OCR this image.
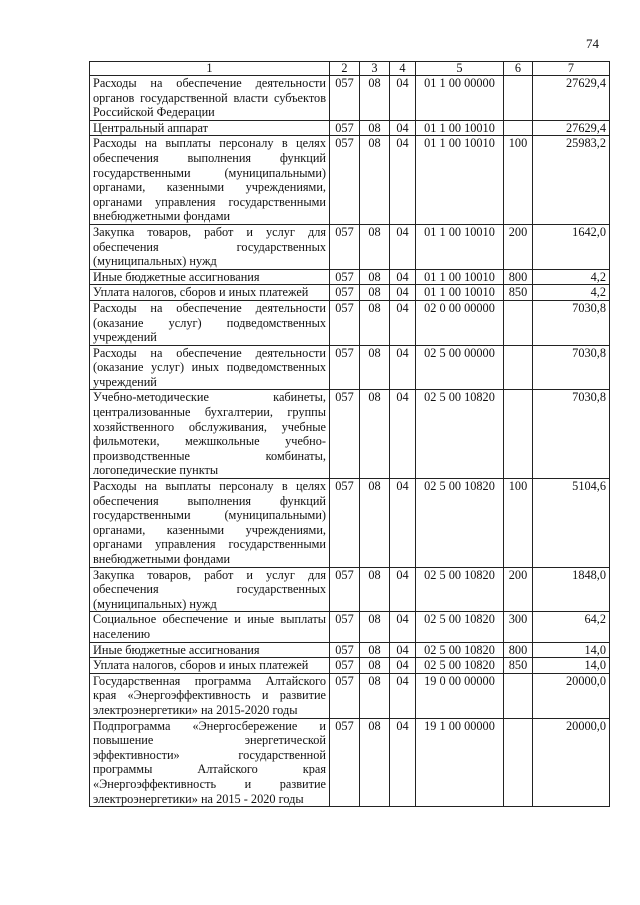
74
1	2	3	4	5	6	7
Расходы на обеспечение деятельности органов государственной власти субъектов Российской Федерации	057	08	04	01 1 00 00000		27629,4
Центральный аппарат	057	08	04	01 1 00 10010		27629,4
Расходы на выплаты персоналу в целях обеспечения выполнения функций государственными (муниципальными) органами, казенными учреждениями, органами управления государственными внебюджетными фондами	057	08	04	01 1 00 10010	100	25983,2
Закупка товаров, работ и услуг для обеспечения государственных (муниципальных) нужд	057	08	04	01 1 00 10010	200	1642,0
Иные бюджетные ассигнования	057	08	04	01 1 00 10010	800	4,2
Уплата налогов, сборов и иных платежей	057	08	04	01 1 00 10010	850	4,2
Расходы на обеспечение деятельности (оказание услуг) подведомственных учреждений	057	08	04	02 0 00 00000		7030,8
Расходы на обеспечение деятельности (оказание услуг) иных подведомственных учреждений	057	08	04	02 5 00 00000		7030,8
Учебно-методические кабинеты, централизованные бухгалтерии, группы хозяйственного обслуживания, учебные фильмотеки, межшкольные учебно-производственные комбинаты, логопедические пункты	057	08	04	02 5 00 10820		7030,8
Расходы на выплаты персоналу в целях обеспечения выполнения функций государственными (муниципальными) органами, казенными учреждениями, органами управления государственными внебюджетными фондами	057	08	04	02 5 00 10820	100	5104,6
Закупка товаров, работ и услуг для обеспечения государственных (муниципальных) нужд	057	08	04	02 5 00 10820	200	1848,0
Социальное обеспечение и иные выплаты населению	057	08	04	02 5 00 10820	300	64,2
Иные бюджетные ассигнования	057	08	04	02 5 00 10820	800	14,0
Уплата налогов, сборов и иных платежей	057	08	04	02 5 00 10820	850	14,0
Государственная программа Алтайского края «Энергоэффективность и развитие электроэнергетики» на 2015-2020 годы	057	08	04	19 0 00 00000		20000,0
Подпрограмма «Энергосбережение и повышение энергетической эффективности» государственной программы Алтайского края «Энергоэффективность и развитие электроэнергетики» на 2015 - 2020 годы	057	08	04	19 1 00 00000		20000,0
